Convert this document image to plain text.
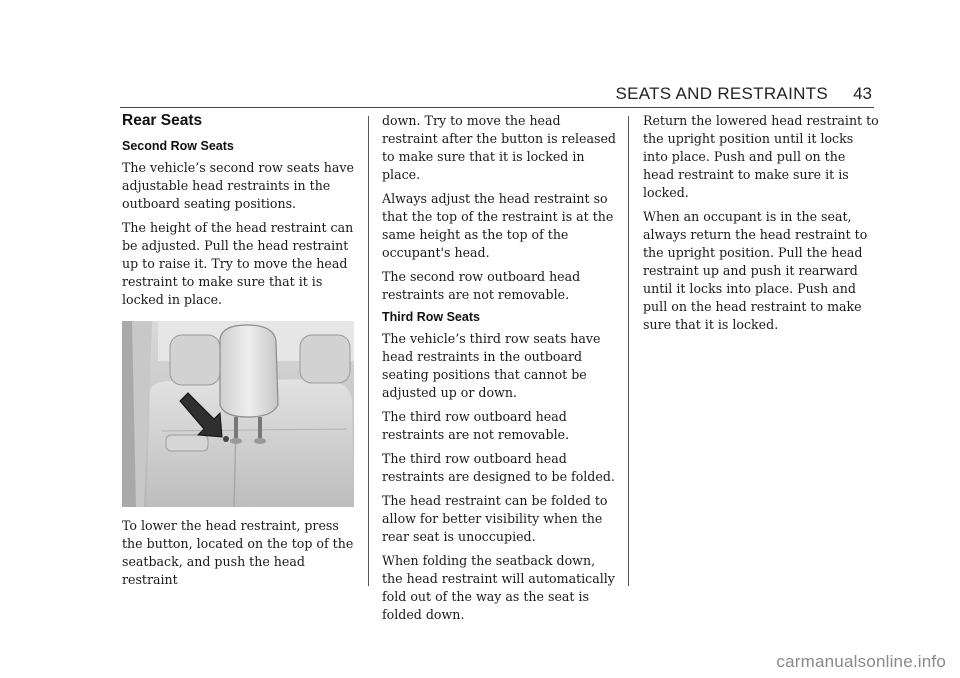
SEATS AND RESTRAINTS 43
Rear Seats
Second Row Seats

The vehicle’s second row seats have adjustable head restraints in the outboard seating positions.

The height of the head restraint can be adjusted. Pull the head restraint up to raise it. Try to move the head restraint to make sure that it is locked in place.

To lower the head restraint, press the button, located on the top of the seatback, and push the head restraint

down. Try to move the head restraint after the button is released to make sure that it is locked in place.

Always adjust the head restraint so that the top of the restraint is at the same height as the top of the occupant's head.

The second row outboard head restraints are not removable.

Third Row Seats

The vehicle’s third row seats have head restraints in the outboard seating positions that cannot be adjusted up or down.

The third row outboard head restraints are not removable.

The third row outboard head restraints are designed to be folded.

The head restraint can be folded to allow for better visibility when the rear seat is unoccupied.

When folding the seatback down, the head restraint will automatically fold out of the way as the seat is folded down.

Return the lowered head restraint to the upright position until it locks into place. Push and pull on the head restraint to make sure it is locked.

When an occupant is in the seat, always return the head restraint to the upright position. Pull the head restraint up and push it rearward until it locks into place. Push and pull on the head restraint to make sure that it is locked.

carmanualsonline.info
